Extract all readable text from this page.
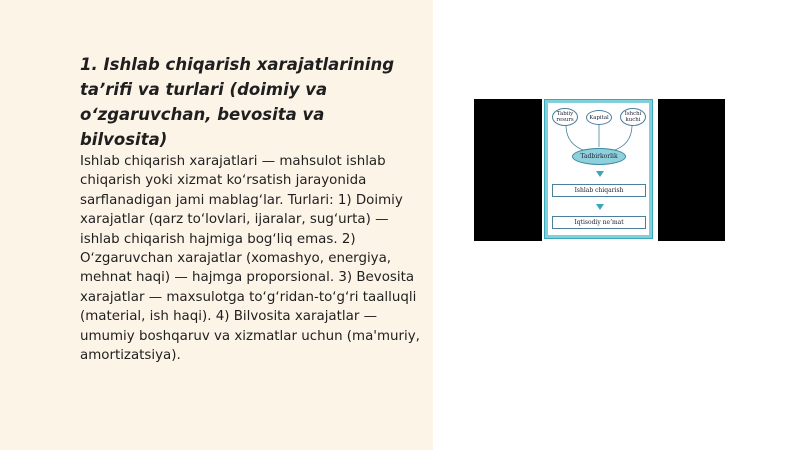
1. Ishlab chiqarish xarajatlarining taʼrifi va turlari (doimiy va oʻzgaruvchan, bevosita va bilvosita)

Ishlab chiqarish xarajatlari — mahsulot ishlab chiqarish yoki xizmat koʻrsatish jarayonida sarflanadigan jami mablagʻlar. Turlari: 1) Doimiy xarajatlar (qarz toʻlovlari, ijaralar, sugʻurta) — ishlab chiqarish hajmiga bogʻliq emas. 2) Oʻzgaruvchan xarajatlar (xomashyo, energiya, mehnat haqi) — hajmga proporsional. 3) Bevosita xarajatlar — maxsulotga toʻgʻridan-toʻgʻri taalluqli (material, ish haqi). 4) Bilvosita xarajatlar — umumiy boshqaruv va xizmatlar uchun (ma'muriy, amortizatsiya).

Tabiiy resurs	Kapital
Ishchi kuchi
Tadbirkorlik
Ishlab chiqarish
Iqtisodiy neʼmat
